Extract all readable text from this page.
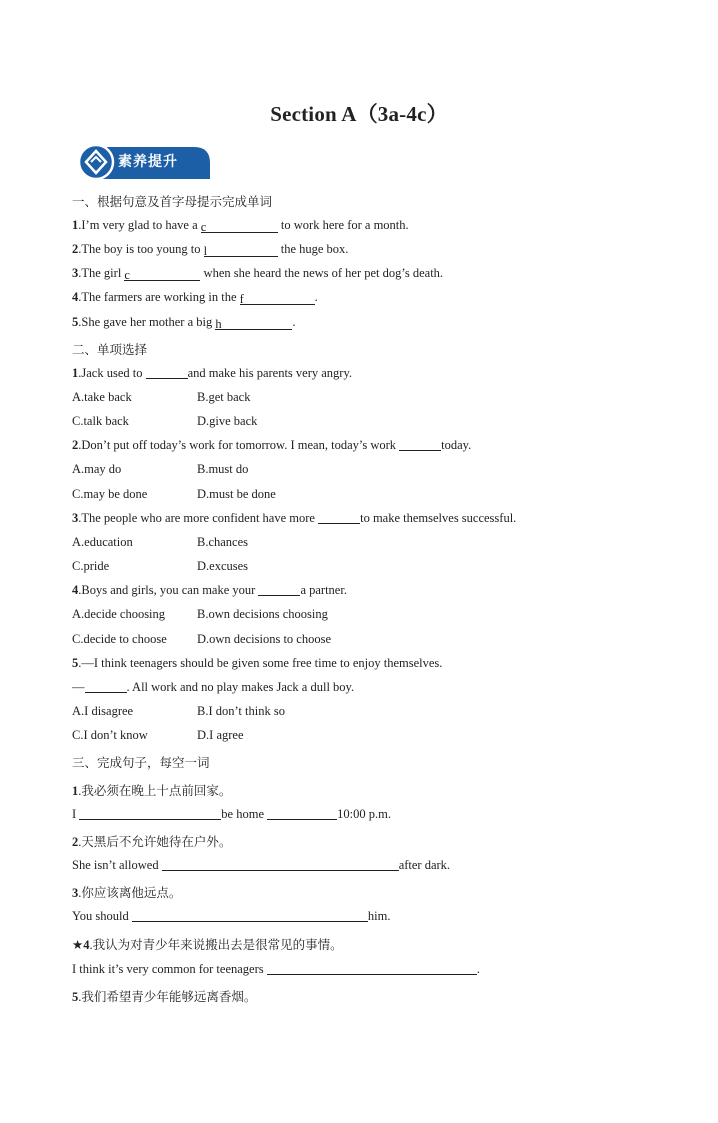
Section A（3a-4c）
素养提升
一、根据句意及首字母提示完成单词
1.I’m very glad to have a c	to work here for a month.
2.The boy is too young to l	the huge box.
3.The girl c	when she heard the news of her pet dog’s death.
4.The farmers are working in the f	.
5.She gave her mother a big h	.
二、单项选择
1.Jack used to	and make his parents very angry.
A.take back	B.get back
C.talk back	D.give back
2.Don’t put off today’s work for tomorrow. I mean, today’s work	today.
A.may do	B.must do
C.may be done	D.must be done
3.The people who are more confident have more	to make themselves successful.
A.education	B.chances
C.pride	D.excuses
4.Boys and girls, you can make your	a partner.
A.decide choosing	B.own decisions choosing
C.decide to choose D.own decisions to choose
5.—I think teenagers should be given some free time to enjoy themselves.
—	. All work and no play makes Jack a dull boy.
A.I disagree	B.I don’t think so
C.I don’t know	D.I agree
三、完成句子，每空一词
1.我必须在晚上十点前回家。
I	be home	10:00 p.m.
2.天黑后不允许她待在户外。
She isn’t allowed	after dark.
3.你应该离他远点。
You should	him.
★4.我认为对青少年来说搬出去是很常见的事情。
I think it’s very common for teenagers	.
5.我们希望青少年能够远离香烟。
